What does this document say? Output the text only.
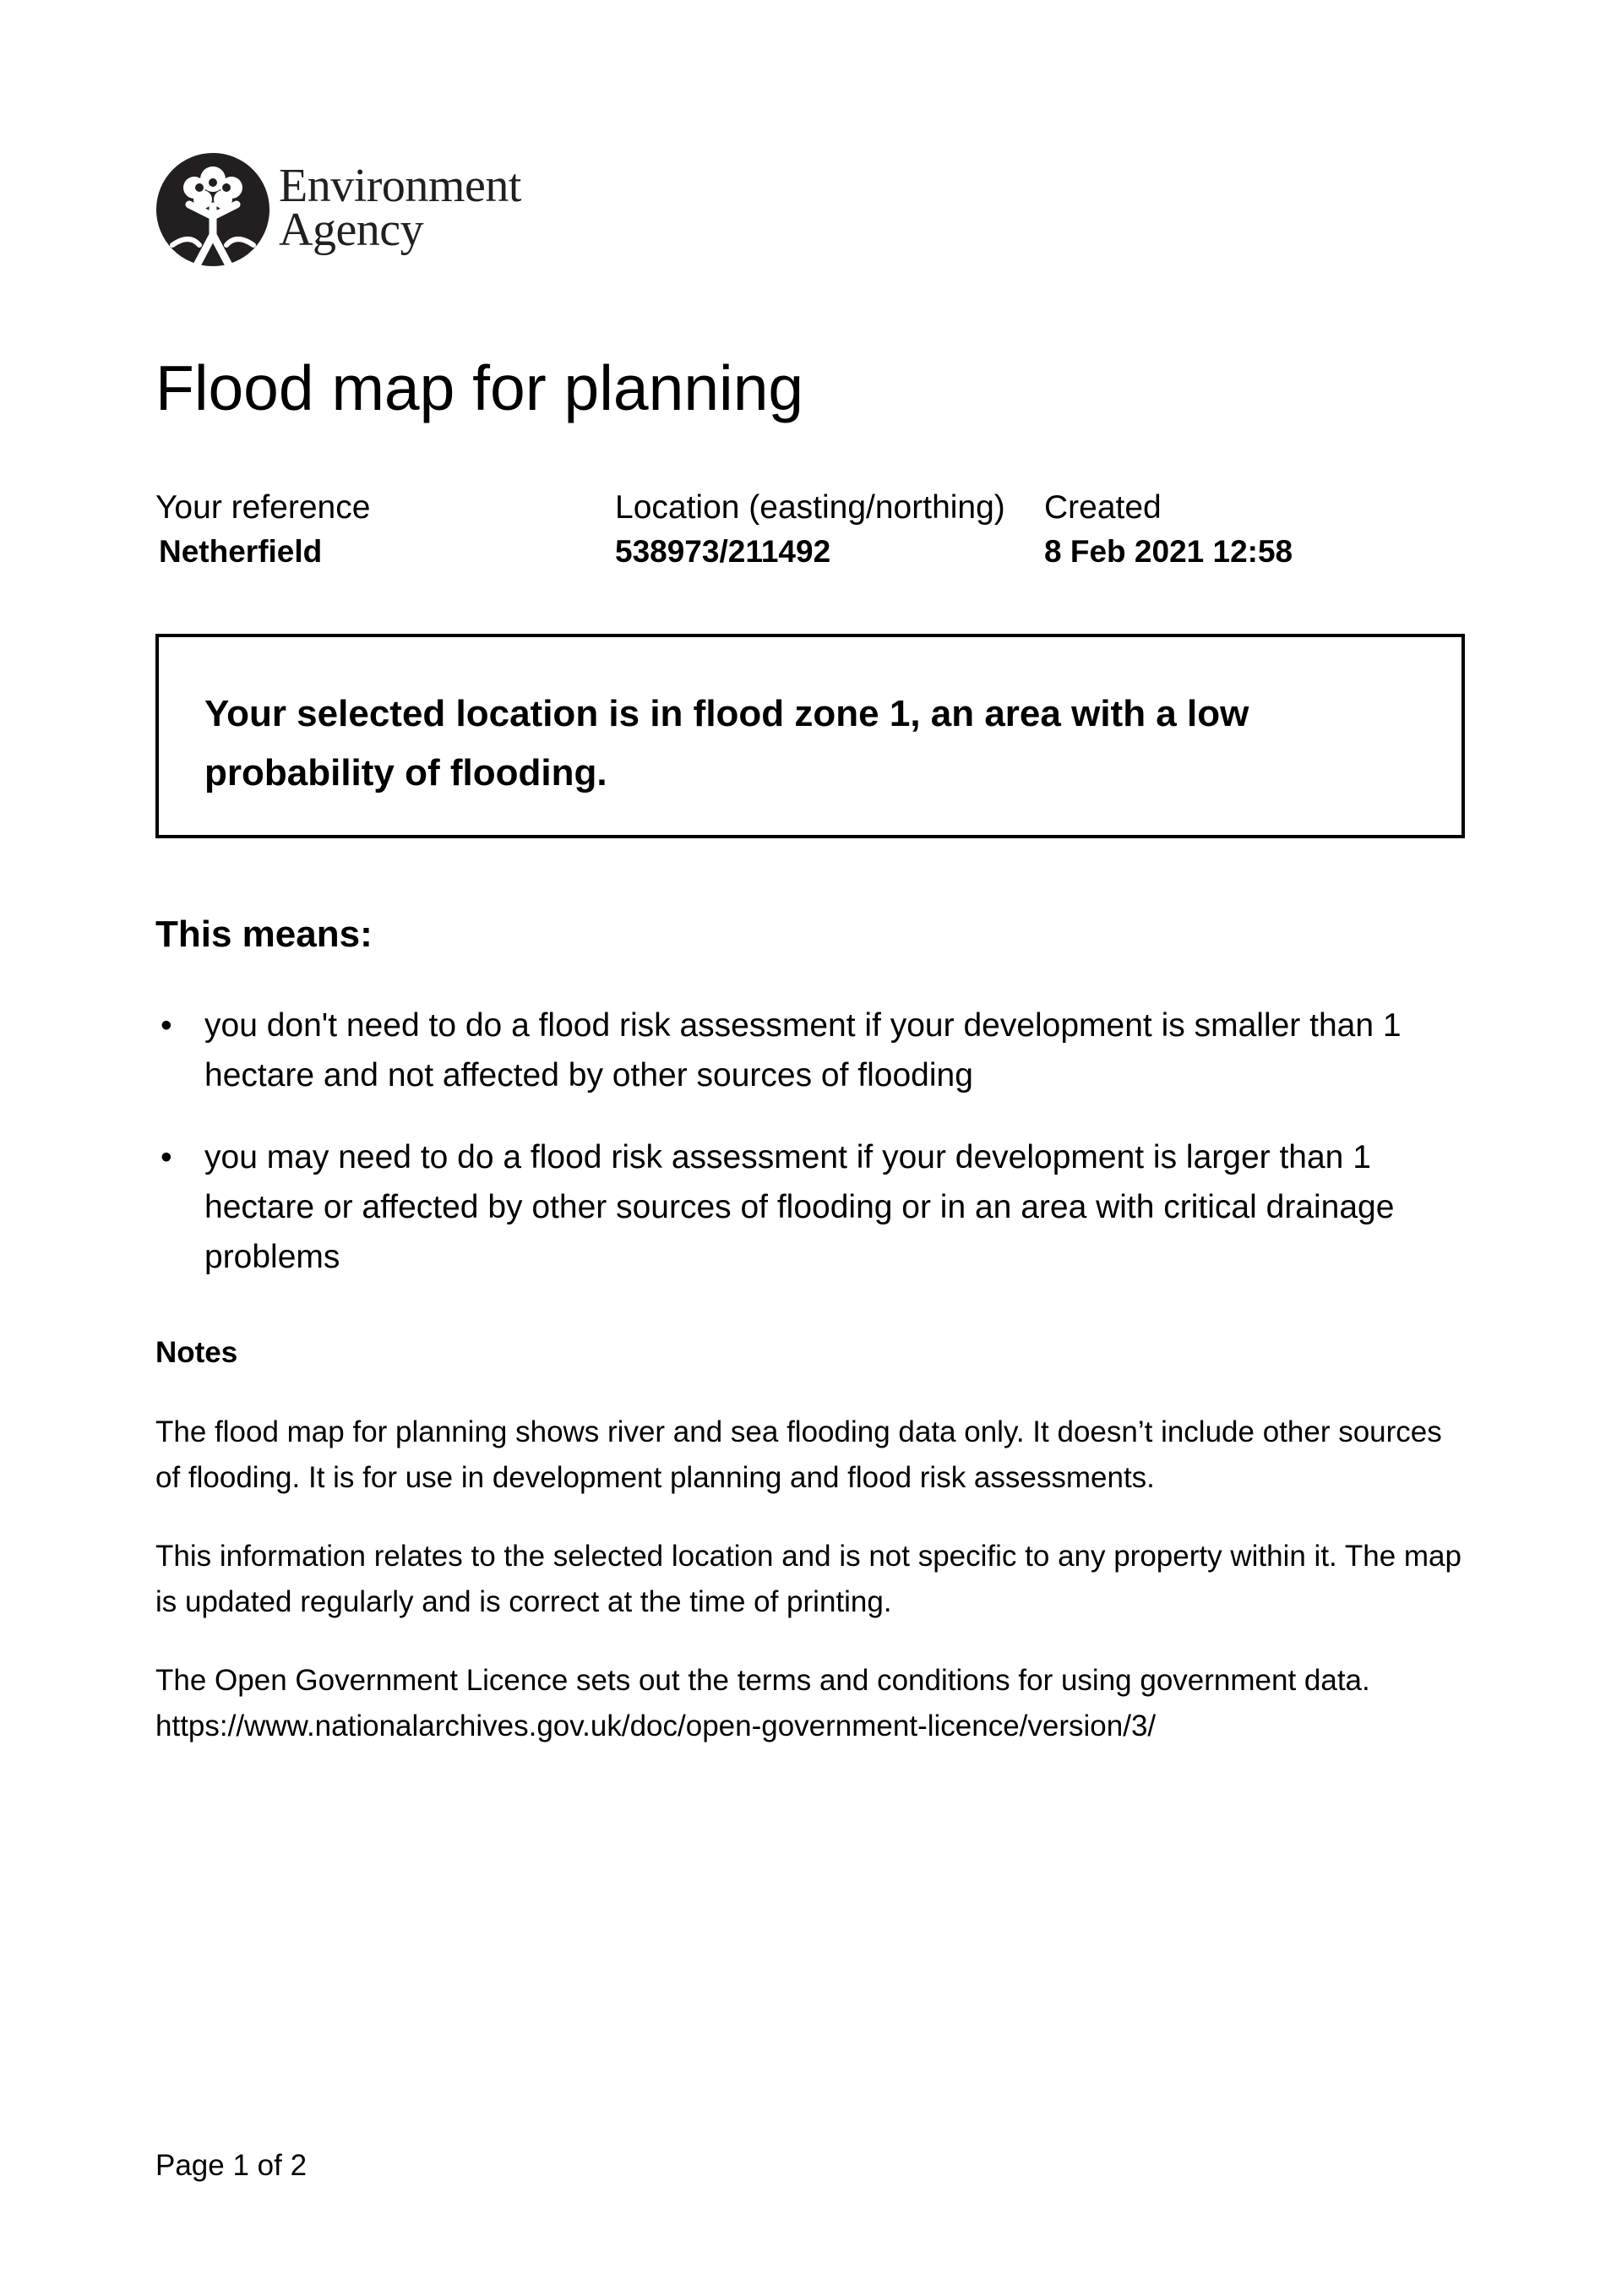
Environment
Agency
Flood map for planning
Your reference
Netherfield
Location (easting/northing)
538973/211492
Created
8 Feb 2021 12:58

Your selected location is in flood zone 1, an area with a low probability of flooding.

This means:
• you don't need to do a flood risk assessment if your development is smaller than 1 hectare and not affected by other sources of flooding
• you may need to do a flood risk assessment if your development is larger than 1 hectare or affected by other sources of flooding or in an area with critical drainage problems
Notes

The flood map for planning shows river and sea flooding data only. It doesn’t include other sources of flooding. It is for use in development planning and flood risk assessments.

This information relates to the selected location and is not specific to any property within it. The map is updated regularly and is correct at the time of printing.

The Open Government Licence sets out the terms and conditions for using government data. https://www.nationalarchives.gov.uk/doc/open-government-licence/version/3/

Page 1 of 2
